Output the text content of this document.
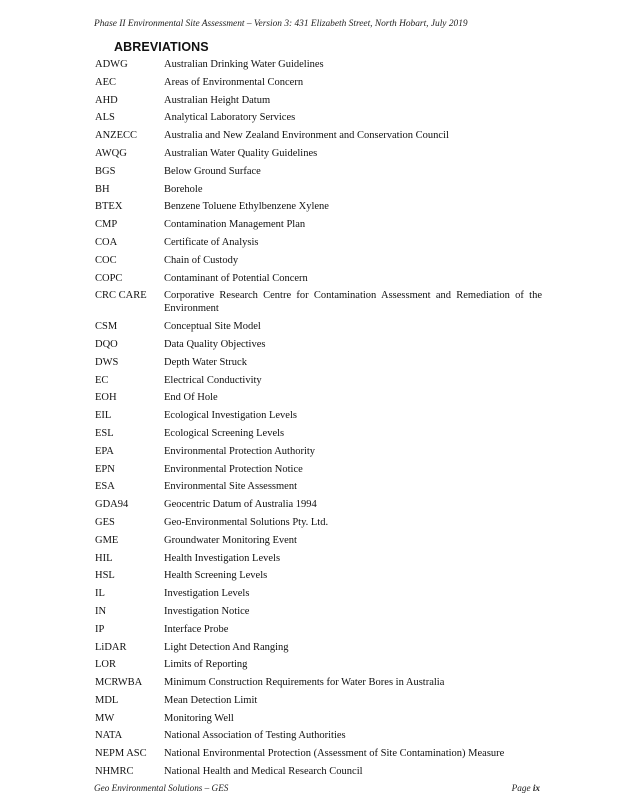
Phase II Environmental Site Assessment – Version 3: 431 Elizabeth Street, North Hobart, July 2019
ABREVIATIONS
ADWG	Australian Drinking Water Guidelines
AEC	Areas of Environmental Concern
AHD	Australian Height Datum
ALS	Analytical Laboratory Services
ANZECC	Australia and New Zealand Environment and Conservation Council
AWQG	Australian Water Quality Guidelines
BGS	Below Ground Surface
BH	Borehole
BTEX	Benzene Toluene Ethylbenzene Xylene
CMP	Contamination Management Plan
COA	Certificate of Analysis
COC	Chain of Custody
COPC	Contaminant of Potential Concern
CRC CARE	Corporative Research Centre for Contamination Assessment and Remediation of the Environment
CSM	Conceptual Site Model
DQO	Data Quality Objectives
DWS	Depth Water Struck
EC	Electrical Conductivity
EOH	End Of Hole
EIL	Ecological Investigation Levels
ESL	Ecological Screening Levels
EPA	Environmental Protection Authority
EPN	Environmental Protection Notice
ESA	Environmental Site Assessment
GDA94	Geocentric Datum of Australia 1994
GES	Geo-Environmental Solutions Pty. Ltd.
GME	Groundwater Monitoring Event
HIL	Health Investigation Levels
HSL	Health Screening Levels
IL	Investigation Levels
IN	Investigation Notice
IP	Interface Probe
LiDAR	Light Detection And Ranging
LOR	Limits of Reporting
MCRWBA	Minimum Construction Requirements for Water Bores in Australia
MDL	Mean Detection Limit
MW	Monitoring Well
NATA	National Association of Testing Authorities
NEPM ASC	National Environmental Protection (Assessment of Site Contamination) Measure
NHMRC	National Health and Medical Research Council
Geo Environmental Solutions – GES	Page ix
